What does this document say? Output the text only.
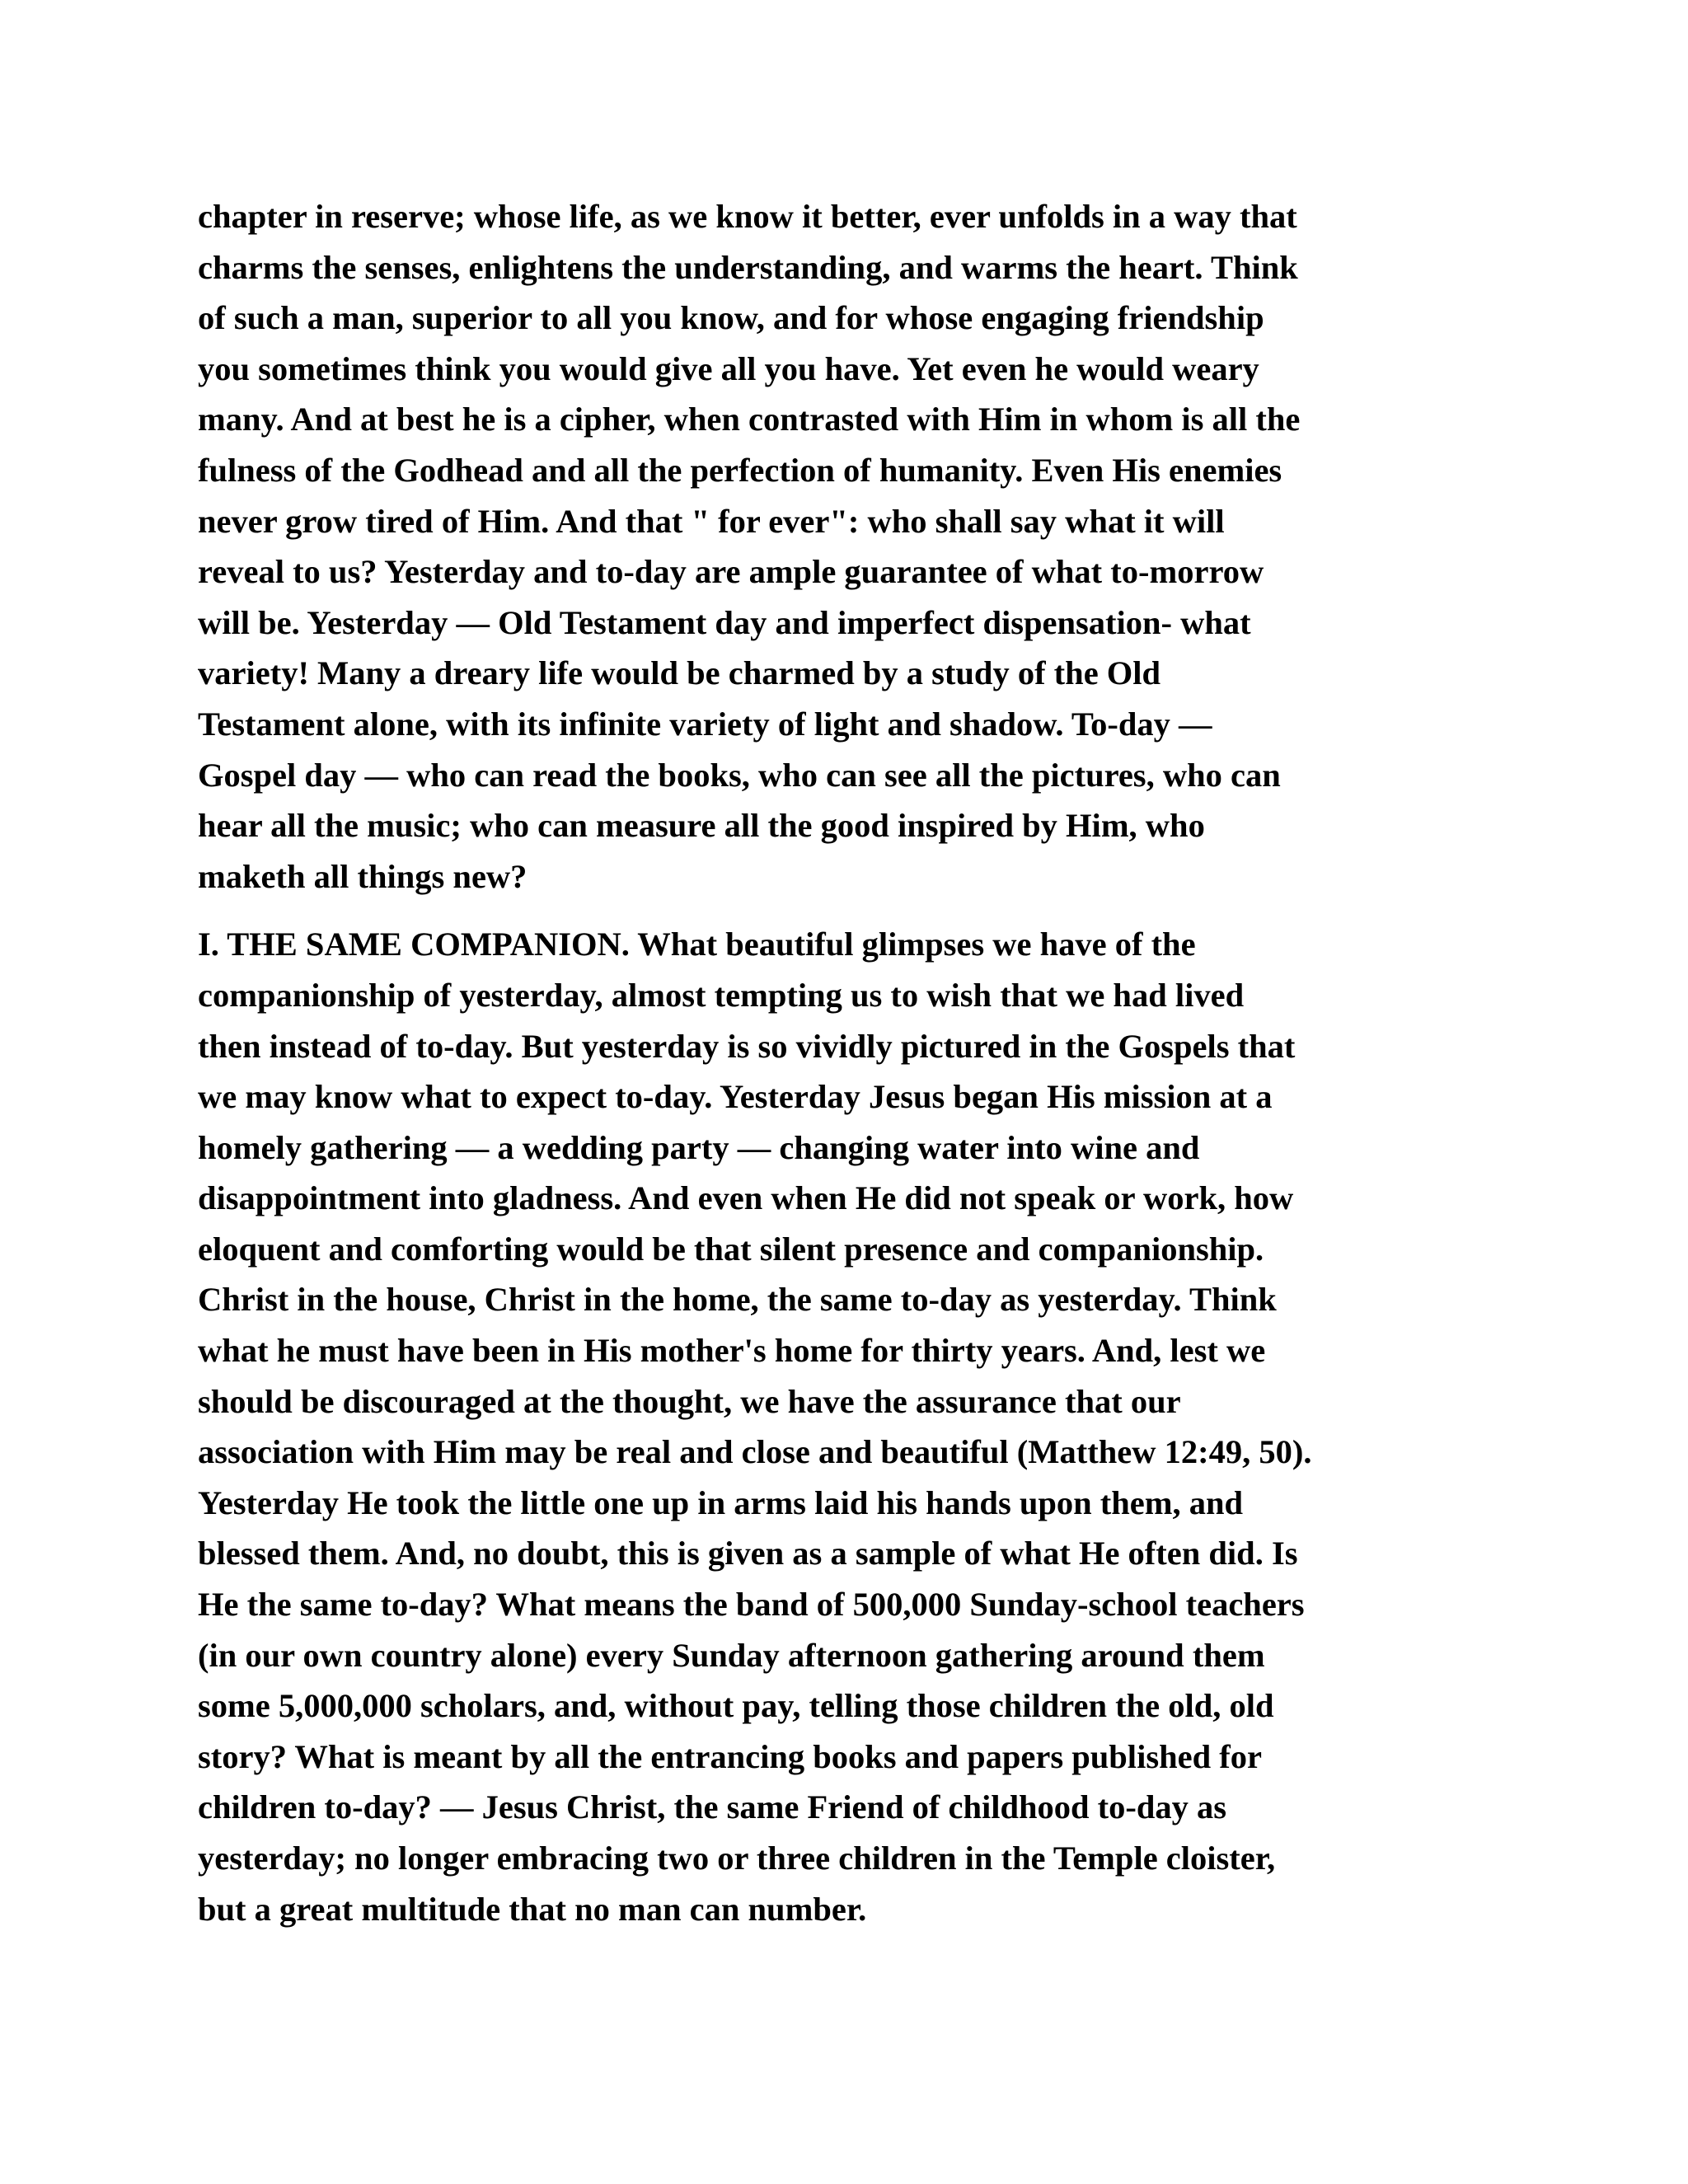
chapter in reserve; whose life, as we know it better, ever unfolds in a way that
charms the senses, enlightens the understanding, and warms the heart. Think
of such a man, superior to all you know, and for whose engaging friendship
you sometimes think you would give all you have. Yet even he would weary
many. And at best he is a cipher, when contrasted with Him in whom is all the
fulness of the Godhead and all the perfection of humanity. Even His enemies
never grow tired of Him. And that " for ever": who shall say what it will
reveal to us? Yesterday and to-day are ample guarantee of what to-morrow
will be. Yesterday — Old Testament day and imperfect dispensation- what
variety! Many a dreary life would be charmed by a study of the Old
Testament alone, with its infinite variety of light and shadow. To-day —
Gospel day — who can read the books, who can see all the pictures, who can
hear all the music; who can measure all the good inspired by Him, who
maketh all things new?

I. THE SAME COMPANION. What beautiful glimpses we have of the
companionship of yesterday, almost tempting us to wish that we had lived
then instead of to-day. But yesterday is so vividly pictured in the Gospels that
we may know what to expect to-day. Yesterday Jesus began His mission at a
homely gathering — a wedding party — changing water into wine and
disappointment into gladness. And even when He did not speak or work, how
eloquent and comforting would be that silent presence and companionship.
Christ in the house, Christ in the home, the same to-day as yesterday. Think
what he must have been in His mother's home for thirty years. And, lest we
should be discouraged at the thought, we have the assurance that our
association with Him may be real and close and beautiful (Matthew 12:49, 50).
Yesterday He took the little one up in arms laid his hands upon them, and
blessed them. And, no doubt, this is given as a sample of what He often did. Is
He the same to-day? What means the band of 500,000 Sunday-school teachers
(in our own country alone) every Sunday afternoon gathering around them
some 5,000,000 scholars, and, without pay, telling those children the old, old
story? What is meant by all the entrancing books and papers published for
children to-day? — Jesus Christ, the same Friend of childhood to-day as
yesterday; no longer embracing two or three children in the Temple cloister,
but a great multitude that no man can number.
